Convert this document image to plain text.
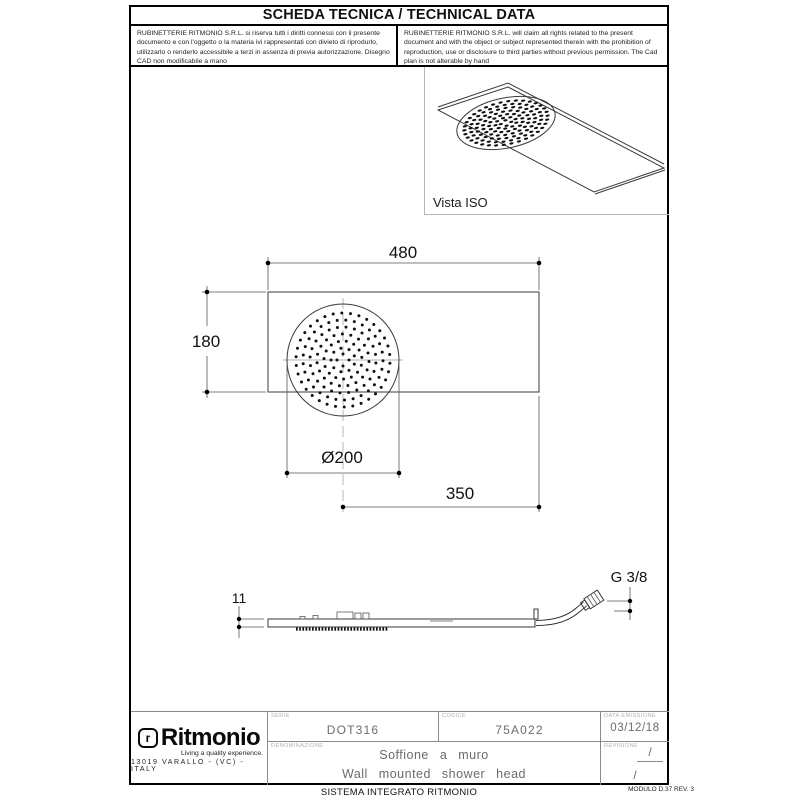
SCHEDA TECNICA / TECHNICAL DATA
RUBINETTERIE RITMONIO S.R.L. si riserva tutti i diritti connessi con il presente documento e con l'oggetto o la materia ivi rappresentati con divieto di riprodurlo, utilizzarlo o renderlo accessibile a terzi in assenza di previa autorizzazione. Disegno CAD non modificabile a mano
RUBINETTERIE RITMONIO S.R.L. will claim all rights related to the present document and with the object or subject represented therein with the prohibition of reproduction, use or disclosure to third parties without previous permission. The Cad plan is not alterable by hand
Vista ISO
r Ritmonio
Living a quality experience.
13019 VARALLO - (VC) - ITALY
SERIE
DOT316
CODICE
75A022
DATA EMISSIONE
03/12/18
DENOMINAZIONE
Soffione a muro
Wall mounted shower head
REVISIONE /
/
SISTEMA INTEGRATO RITMONIO	MODULO D.37 REV. 3
480
180
Ø200
350
11
G 3/8
